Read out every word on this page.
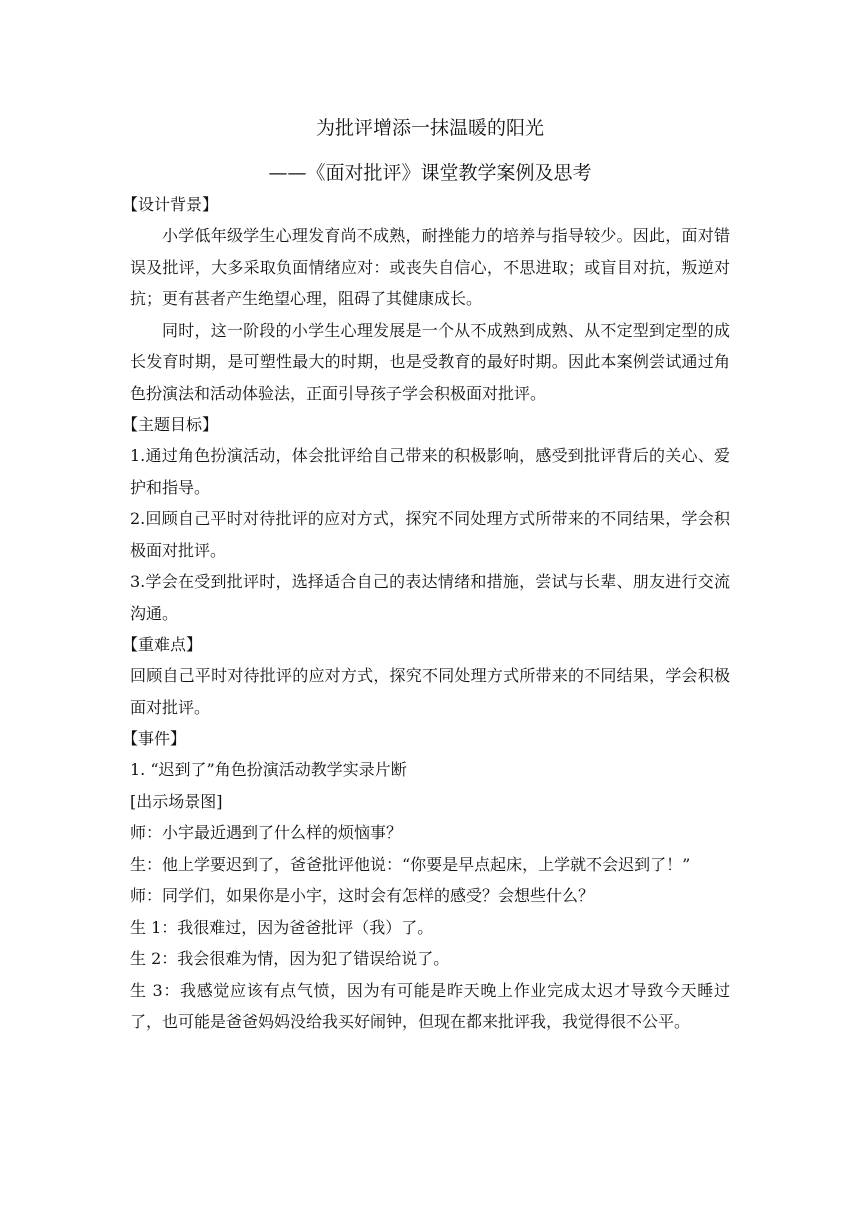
为批评增添一抹温暖的阳光
——《面对批评》课堂教学案例及思考
【设计背景】
小学低年级学生心理发育尚不成熟，耐挫能力的培养与指导较少。因此，面对错误及批评，大多采取负面情绪应对：或丧失自信心，不思进取；或盲目对抗，叛逆对抗；更有甚者产生绝望心理，阻碍了其健康成长。
同时，这一阶段的小学生心理发展是一个从不成熟到成熟、从不定型到定型的成长发育时期，是可塑性最大的时期，也是受教育的最好时期。因此本案例尝试通过角色扮演法和活动体验法，正面引导孩子学会积极面对批评。
【主题目标】
1.通过角色扮演活动，体会批评给自己带来的积极影响，感受到批评背后的关心、爱护和指导。
2.回顾自己平时对待批评的应对方式，探究不同处理方式所带来的不同结果，学会积极面对批评。
3.学会在受到批评时，选择适合自己的表达情绪和措施，尝试与长辈、朋友进行交流沟通。
【重难点】
回顾自己平时对待批评的应对方式，探究不同处理方式所带来的不同结果，学会积极面对批评。
【事件】
1. “迟到了”角色扮演活动教学实录片断
[出示场景图]
师：小宇最近遇到了什么样的烦恼事？
生：他上学要迟到了，爸爸批评他说：“你要是早点起床，上学就不会迟到了！”
师：同学们，如果你是小宇，这时会有怎样的感受？会想些什么？
生 1：我很难过，因为爸爸批评（我）了。
生 2：我会很难为情，因为犯了错误给说了。
生 3：我感觉应该有点气愤，因为有可能是昨天晚上作业完成太迟才导致今天睡过了，也可能是爸爸妈妈没给我买好闹钟，但现在都来批评我，我觉得很不公平。
